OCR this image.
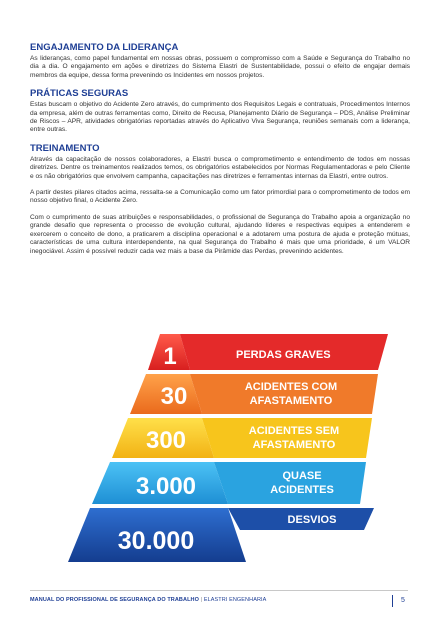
ENGAJAMENTO DA LIDERANÇA

As lideranças, como papel fundamental em nossas obras, possuem o compromisso com a Saúde e Segurança do Trabalho no dia a dia. O engajamento em ações e diretrizes do Sistema Elastri de Sustentabilidade, possui o efeito de engajar demais membros da equipe, dessa forma prevenindo os Incidentes em nossos projetos.

PRÁTICAS SEGURAS

Estas buscam o objetivo do Acidente Zero através, do cumprimento dos Requisitos Legais e contratuais, Procedimentos Internos da empresa, além de outras ferramentas como, Direito de Recusa, Planejamento Diário de Segurança – PDS, Análise Preliminar de Riscos – APR, atividades obrigatórias reportadas através do Aplicativo Viva Segurança, reuniões semanais com a liderança, entre outras.

TREINAMENTO

Através da capacitação de nossos colaboradores, a Elastri busca o comprometimento e entendimento de todos em nossas diretrizes. Dentre os treinamentos realizados temos, os obrigatórios estabelecidos por Normas Regulamentadoras e pelo Cliente e os não obrigatórios que envolvem campanha, capacitações nas diretrizes e ferramentas internas da Elastri, entre outros.

A partir destes pilares citados acima, ressalta-se a Comunicação como um fator primordial para o comprometimento de todos em nosso objetivo final, o Acidente Zero.

Com o cumprimento de suas atribuições e responsabilidades, o profissional de Segurança do Trabalho apoia a organização no grande desafio que representa o processo de evolução cultural, ajudando líderes e respectivas equipes a entenderem e exercerem o conceito de dono, a praticarem a disciplina operacional e a adotarem uma postura de ajuda e proteção mútuas, características de uma cultura interdependente, na qual Segurança do Trabalho é mais que uma prioridade, é um VALOR inegociável. Assim é possível reduzir cada vez mais a base da Pirâmide das Perdas, prevenindo acidentes.

1	PERDAS GRAVES
30	ACIDENTES COM
AFASTAMENTO
300	ACIDENTES SEM
AFASTAMENTO
3.000	QUASE
ACIDENTES
30.000
DESVIOS
MANUAL DO PROFISSIONAL DE SEGURANÇA DO TRABALHO | ELASTRI ENGENHARIA	5
